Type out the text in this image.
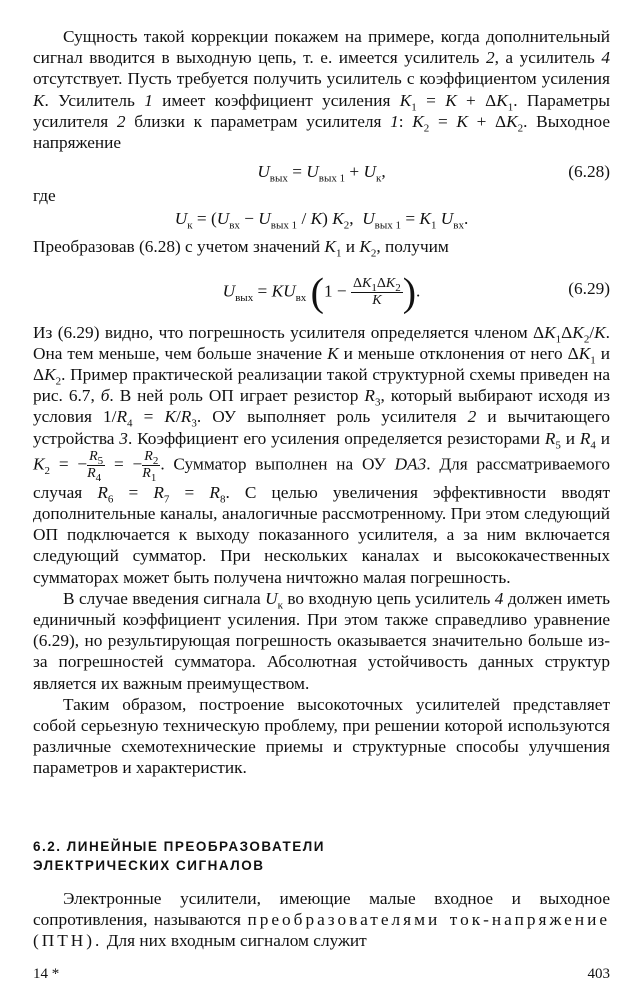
Сущность такой коррекции покажем на примере, когда дополнительный сигнал вводится в выходную цепь, т. е. имеется усилитель 2, а усилитель 4 отсутствует. Пусть требуется получить усилитель с коэффициентом усиления K. Усилитель 1 имеет коэффициент усиления $K_1 = K + \Delta K_1$. Параметры усилителя 2 близки к параметрам усилителя 1: $K_2 = K + \Delta K_2$. Выходное напряжение

$U_{вых} = U_{вых 1} + U_к$,	(6.28)

где

$U_к = (U_{вх} - U_{вых 1} / K)$ $K_2$,  $U_{вых 1} = K_1$ $U_{вх}$.

Преобразовав (6.28) с учетом значений $K_1$ и $K_2$, получим

$U_{вых} = KU_{вх}$ ($1 - \frac{\Delta K_1\Delta K_2}{K}$ ).	(6.29)

Из (6.29) видно, что погрешность усилителя определяется членом $\Delta K_1\Delta K_2/K$. Она тем меньше, чем больше значение K и меньше отклонения от него $\Delta K_1$ и $\Delta K_2$. Пример практической реализации такой структурной схемы приведен на рис. 6.7, б. В ней роль ОП играет резистор $R_3$, который выбирают исходя из условия $1/R_4 = K/R_3$. ОУ выполняет роль усилителя 2 и вычитающего устройства 3. Коэффициент его усиления определяется резисторами $R_5$ и $R_4$ и $K_2$ = − $\frac{R_5}{R_4}$ = − $\frac{R_2}{R_1}$ . Сумматор выполнен на ОУ DA3. Для рассматриваемого случая $R_6 = R_7 = R_8$. С целью увеличения эффективности вводят дополнительные каналы, аналогичные рассмотренному. При этом следующий ОП подключается к выходу показанного усилителя, а за ним включается следующий сумматор. При нескольких каналах и высококачественных сумматорах может быть получена ничтожно малая погрешность.

В случае введения сигнала $U_к$ во входную цепь усилитель 4 должен иметь единичный коэффициент усиления. При этом также справедливо уравнение (6.29), но результирующая погрешность оказывается значительно больше из-за погрешностей сумматора. Абсолютная устойчивость данных структур является их важным преимуществом.

Таким образом, построение высокоточных усилителей представляет собой серьезную техническую проблему, при решении которой используются различные схемотехнические приемы и структурные способы улучшения параметров и характеристик.

6.2. ЛИНЕЙНЫЕ ПРЕОБРАЗОВАТЕЛИ
ЭЛЕКТРИЧЕСКИХ СИГНАЛОВ

Электронные усилители, имеющие малые входное и выходное сопротивления, называются преобразователями ток-напряжение (ПТН). Для них входным сигналом служит

14 *	403
